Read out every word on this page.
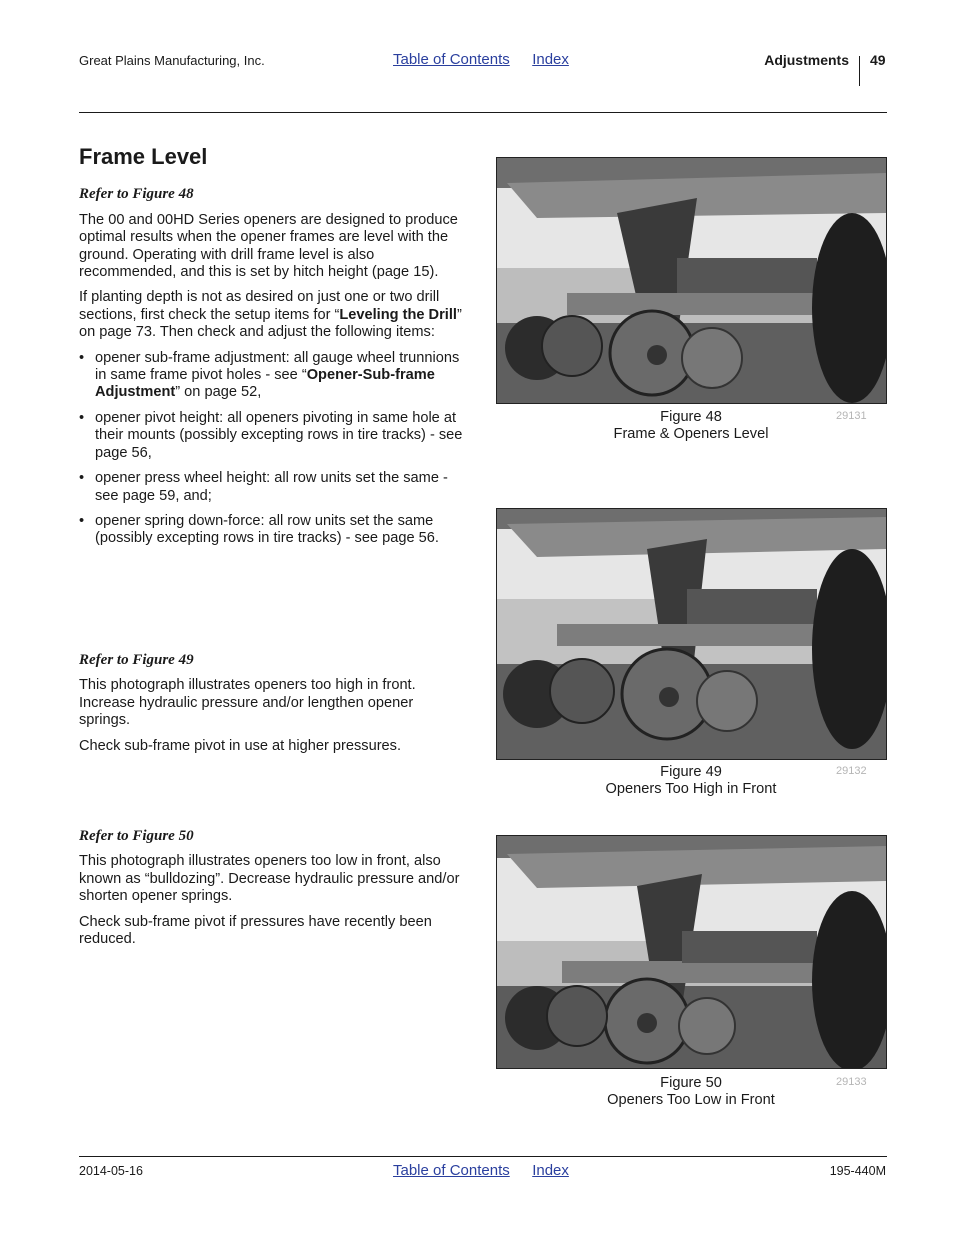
Great Plains Manufacturing, Inc.	Table of Contents Index	Adjustments 49
Frame Level

Refer to Figure 48

The 00 and 00HD Series openers are designed to produce optimal results when the opener frames are level with the ground. Operating with drill frame level is also recommended, and this is set by hitch height (page 15).

If planting depth is not as desired on just one or two drill sections, first check the setup items for “Leveling the Drill” on page 73. Then check and adjust the following items:

• opener sub-frame adjustment: all gauge wheel trunnions in same frame pivot holes - see “Opener-Sub-frame Adjustment” on page 52,
• opener pivot height: all openers pivoting in same hole at their mounts (possibly excepting rows in tire tracks) - see page 56,
• opener press wheel height: all row units set the same - see page 59, and;
• opener spring down-force: all row units set the same (possibly excepting rows in tire tracks) - see page 56.

Refer to Figure 49

This photograph illustrates openers too high in front. Increase hydraulic pressure and/or lengthen opener springs.

Check sub-frame pivot in use at higher pressures.

Refer to Figure 50

This photograph illustrates openers too low in front, also known as “bulldozing”. Decrease hydraulic pressure and/or shorten opener springs.

Check sub-frame pivot if pressures have recently been reduced.

Figure 48
Frame & Openers Level
29131
Figure 49
Openers Too High in Front
29132
Figure 50
Openers Too Low in Front
29133
2014-05-16	Table of Contents Index	195-440M
